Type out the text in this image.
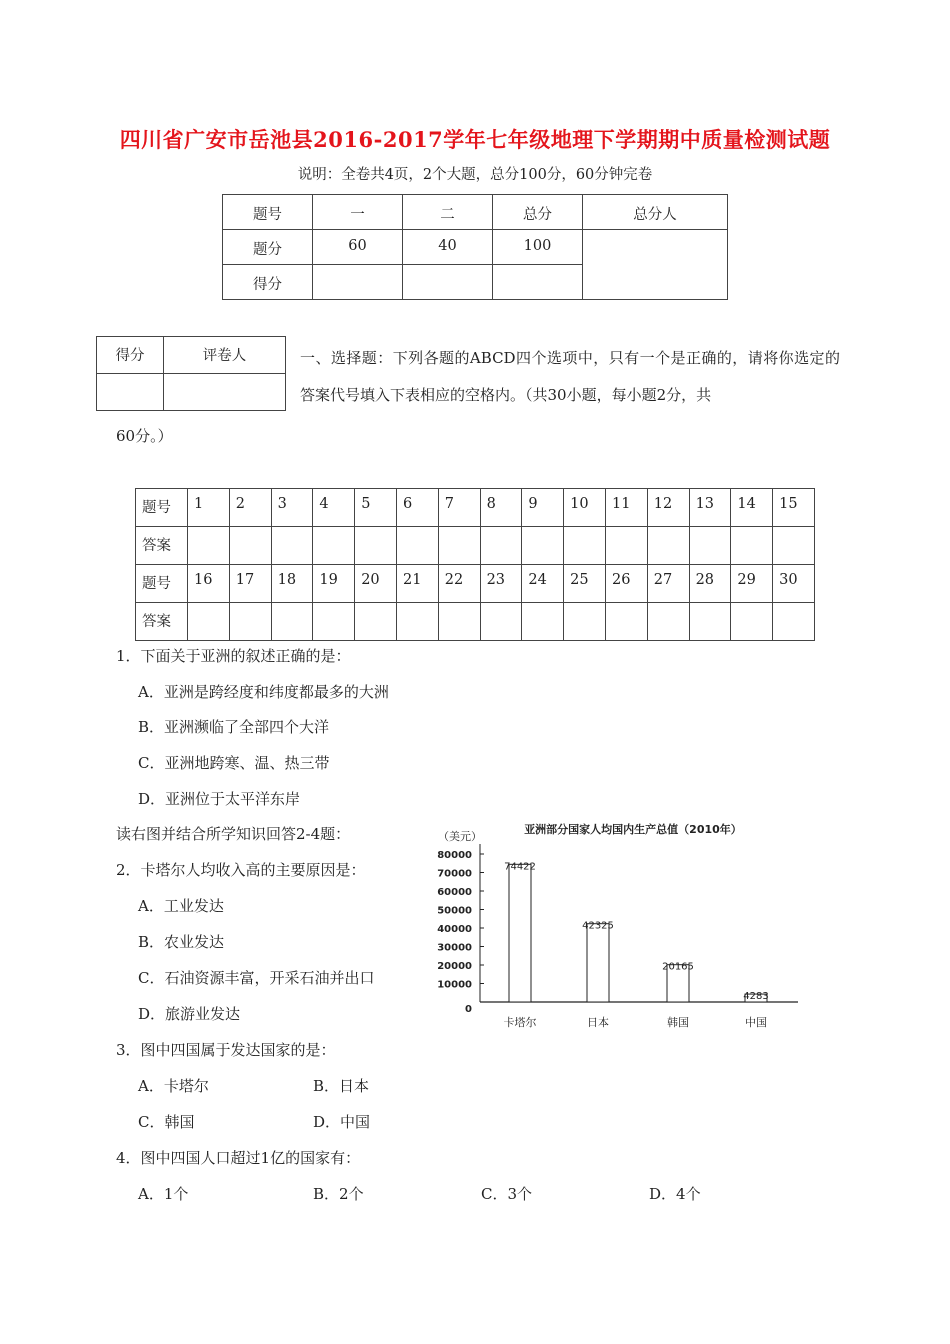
四川省广安市岳池县2016-2017学年七年级地理下学期期中质量检测试题
说明：全卷共4页，2个大题，总分100分，60分钟完卷
题号	一	二	总分	总分人
题分	60	40	100	
得分				
得分	评卷人
		一、选择题：下列各题的ABCD四个选项中，只有一个是正确的，请将你选定的答案代号填入下表相应的空格内。（共30小题，每小题2分，共
60分。）
题号	1	2	3	4	5	6	7	8	9	10	11	12	13	14	15
答案															
题号	16	17	18	19	20	21	22	23	24	25	26	27	28	29	30
答案															
1．下面关于亚洲的叙述正确的是：
A．亚洲是跨经度和纬度都最多的大洲
B．亚洲濒临了全部四个大洋
C．亚洲地跨寒、温、热三带
D．亚洲位于太平洋东岸
读右图并结合所学知识回答2-4题：
2．卡塔尔人均收入高的主要原因是：
A．工业发达
B．农业发达
C．石油资源丰富，开采石油并出口
D．旅游业发达
3．图中四国属于发达国家的是：
A．卡塔尔	B．日本
C．韩国	D．中国
4．图中四国人口超过1亿的国家有：
A．1个	B．2个	C．3个	D．4个
亚洲部分国家人均国内生产总值（2010年）
（美元）
0
10000
20000
30000
40000
50000
60000
70000
80000
74422
卡塔尔
42325
日本
20165
韩国
4283
中国
